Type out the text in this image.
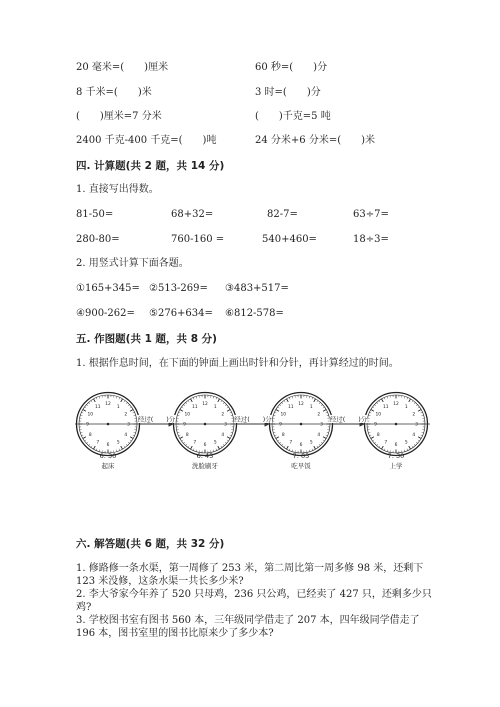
20 毫米=(　　)厘米	60 秒=(　　)分
8 千米=(　　)米	3 时=(　　)分
(　　)厘米=7 分米	(　　)千克=5 吨
2400 千克-400 千克=(　　)吨	24 分米+6 分米=(　　)米
四. 计算题(共 2 题，共 14 分)
1. 直接写出得数。
81-50=	68+32=	82-7=	63÷7=
280-80=	760-160 =	540+460=	18÷3=
2. 用竖式计算下面各题。
①165+345= ②513-269= ③483+517=
④900-262= ⑤276+634= ⑥812-578=
五. 作图题(共 1 题，共 8 分)
1. 根据作息时间，在下面的钟面上画出时针和分针，再计算经过的时间。
12
1
2
3
4
5
6
7
8
9
10
11
6: 30
起床
12
1
2
3
4
5
6
7
8
9
10
11
6: 45
洗脸刷牙
12
1
2
3
4
5
6
7
8
9
10
11
7: 05
吃早饭
12
1
2
3
4
5
6
7
8
9
10
11
7: 30
上学
经过(　　)分	经过(　　)分	经过(　　)分
六. 解答题(共 6 题，共 32 分)
1. 修路修一条水渠，第一周修了 253 米，第二周比第一周多修 98 米，还剩下
123 米没修，这条水渠一共长多少米?
2. 李大爷家今年养了 520 只母鸡，236 只公鸡，已经卖了 427 只，还剩多少只
鸡?
3. 学校图书室有图书 560 本，三年级同学借走了 207 本，四年级同学借走了
196 本，图书室里的图书比原来少了多少本?
